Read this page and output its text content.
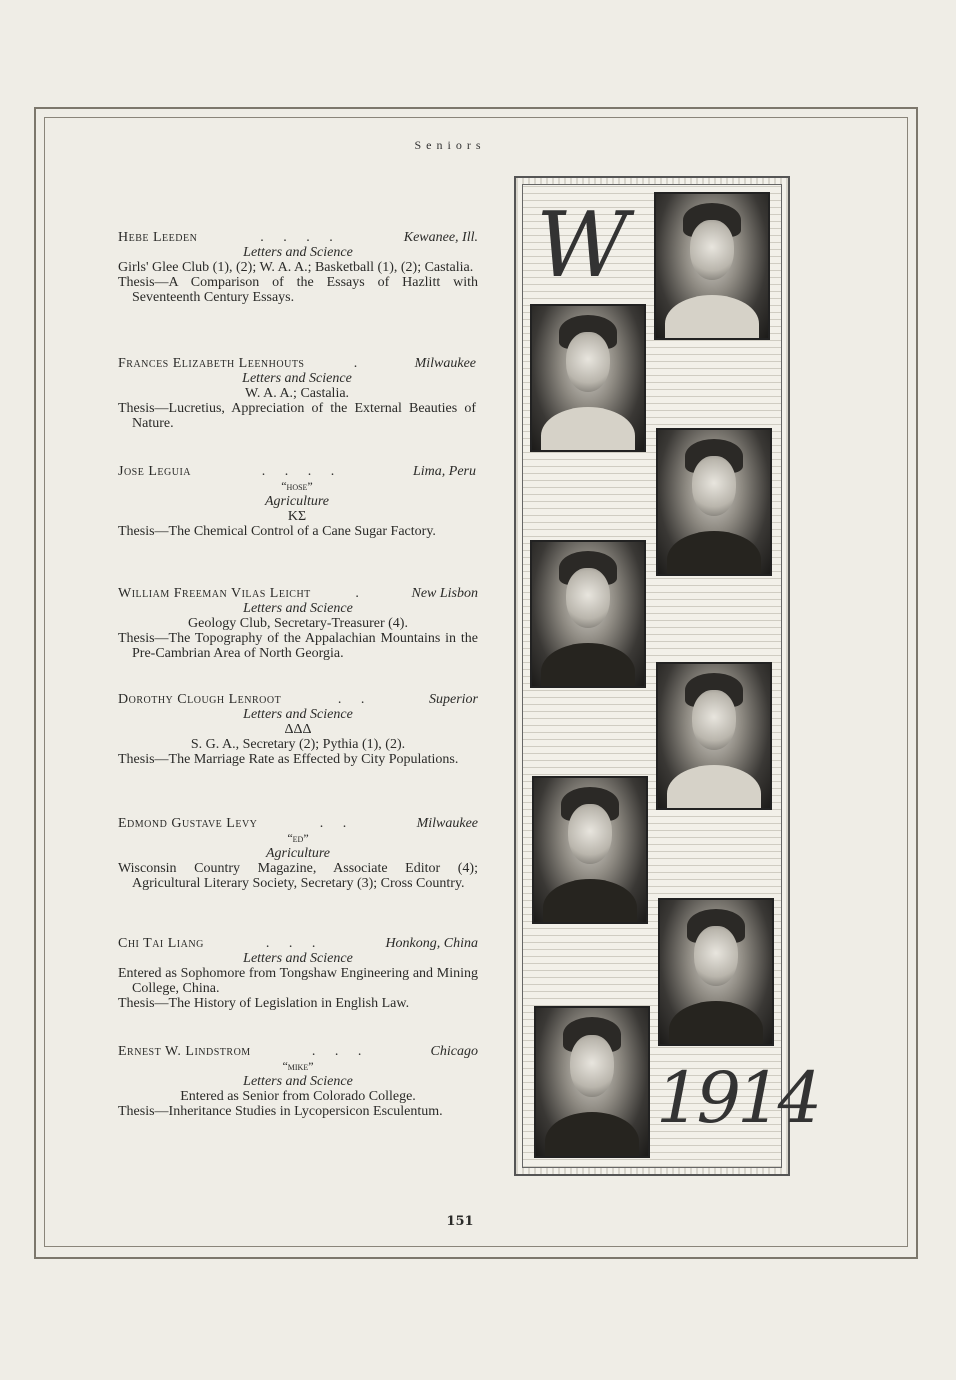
Seniors
Hebe Leeden	. . . .	Kewanee, Ill.
Letters and Science
Girls' Glee Club (1), (2); W. A. A.; Basketball (1), (2); Castalia.
Thesis—A Comparison of the Essays of Hazlitt with Seventeenth Century Essays.
Frances Elizabeth Leenhouts	.	Milwaukee
Letters and Science
W. A. A.; Castalia.
Thesis—Lucretius, Appreciation of the External Beauties of Nature.
Jose Leguia	. . . .	Lima, Peru
“hose”
Agriculture
ΚΣ
Thesis—The Chemical Control of a Cane Sugar Factory.
William Freeman Vilas Leicht	.	New Lisbon
Letters and Science
Geology Club, Secretary-Treasurer (4).
Thesis—The Topography of the Appalachian Mountains in the Pre-Cambrian Area of North Georgia.
Dorothy Clough Lenroot	. .	Superior
Letters and Science
ΔΔΔ
S. G. A., Secretary (2); Pythia (1), (2).
Thesis—The Marriage Rate as Effected by City Populations.
Edmond Gustave Levy	. .	Milwaukee
“ed”
Agriculture
Wisconsin Country Magazine, Associate Editor (4); Agricultural Literary Society, Secretary (3); Cross Country.
Chi Tai Liang	. . .	Honkong, China
Letters and Science
Entered as Sophomore from Tongshaw Engineering and Mining College, China.
Thesis—The History of Legislation in English Law.
Ernest W. Lindstrom	. . .	Chicago
“mike”
Letters and Science
Entered as Senior from Colorado College.
Thesis—Inheritance Studies in Lycopersicon Esculentum.
W
1914
151
